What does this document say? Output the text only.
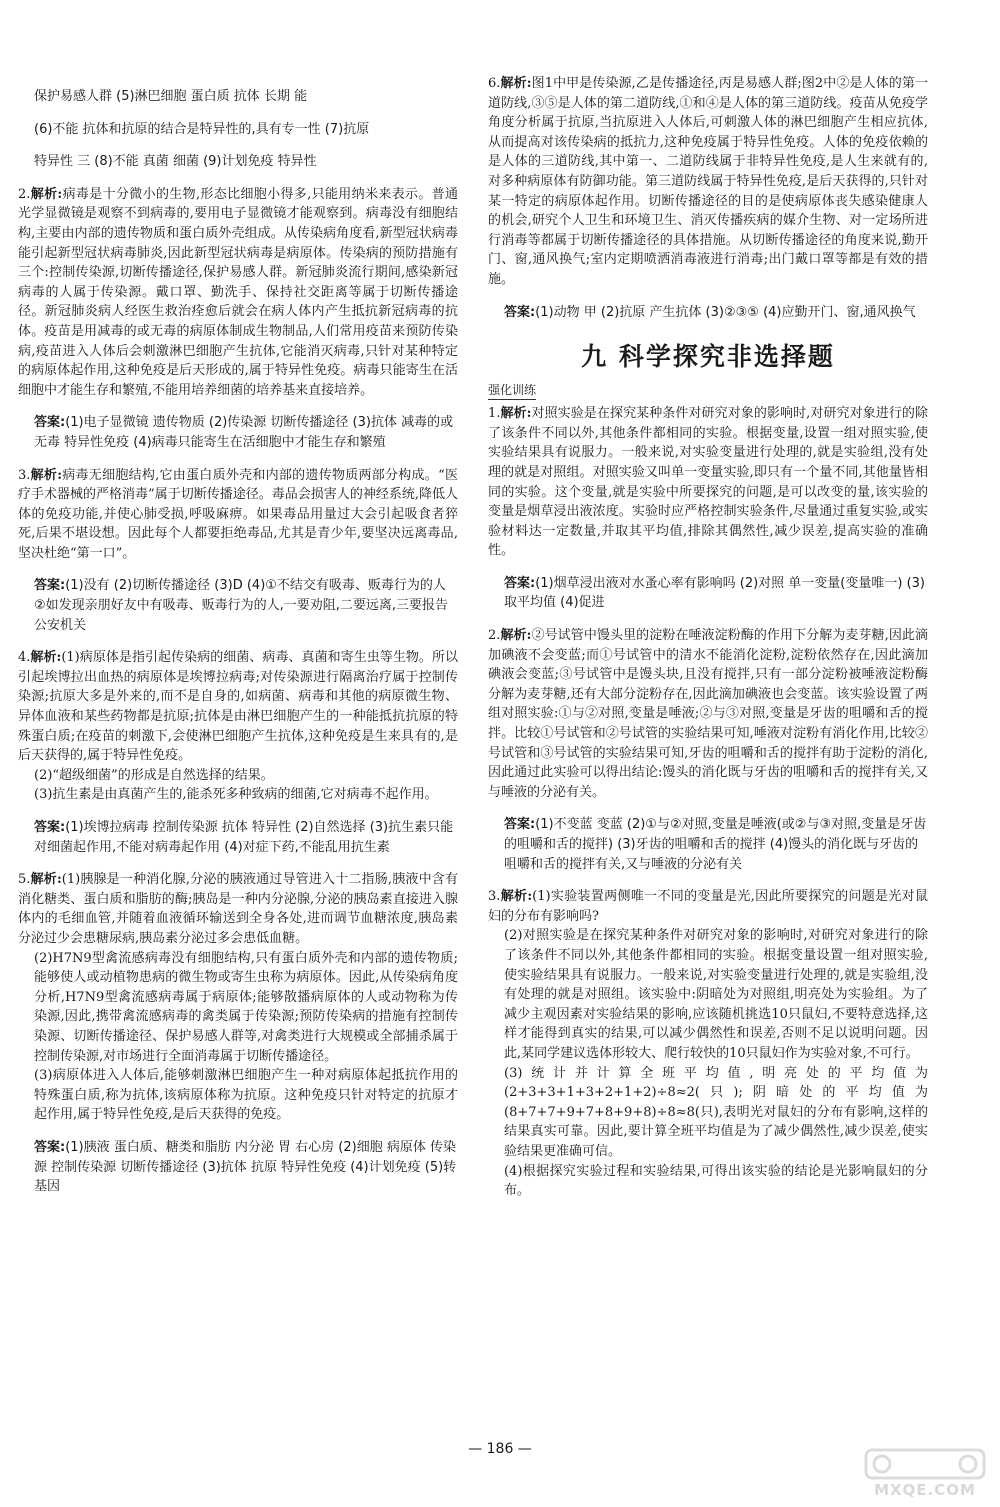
保护易感人群 (5)淋巴细胞 蛋白质 抗体 长期 能

(6)不能 抗体和抗原的结合是特异性的,具有专一性 (7)抗原

特异性 三 (8)不能 真菌 细菌 (9)计划免疫 特异性

2.解析:病毒是十分微小的生物,形态比细胞小得多,只能用纳米来表示。普通光学显微镜是观察不到病毒的,要用电子显微镜才能观察到。病毒没有细胞结构,主要由内部的遗传物质和蛋白质外壳组成。从传染病角度看,新型冠状病毒能引起新型冠状病毒肺炎,因此新型冠状病毒是病原体。传染病的预防措施有三个:控制传染源,切断传播途径,保护易感人群。新冠肺炎流行期间,感染新冠病毒的人属于传染源。戴口罩、勤洗手、保持社交距离等属于切断传播途径。新冠肺炎病人经医生救治痊愈后就会在病人体内产生抵抗新冠病毒的抗体。疫苗是用减毒的或无毒的病原体制成生物制品,人们常用疫苗来预防传染病,疫苗进入人体后会刺激淋巴细胞产生抗体,它能消灭病毒,只针对某种特定的病原体起作用,这种免疫是后天形成的,属于特异性免疫。病毒只能寄生在活细胞中才能生存和繁殖,不能用培养细菌的培养基来直接培养。

答案:(1)电子显微镜 遗传物质 (2)传染源 切断传播途径 (3)抗体 减毒的或无毒 特异性免疫 (4)病毒只能寄生在活细胞中才能生存和繁殖

3.解析:病毒无细胞结构,它由蛋白质外壳和内部的遗传物质两部分构成。“医疗手术器械的严格消毒”属于切断传播途径。毒品会损害人的神经系统,降低人体的免疫功能,并使心肺受损,呼吸麻痹。如果毒品用量过大会引起吸食者猝死,后果不堪设想。因此每个人都要拒绝毒品,尤其是青少年,要坚决远离毒品,坚决杜绝“第一口”。

答案:(1)没有 (2)切断传播途径 (3)D (4)①不结交有吸毒、贩毒行为的人 ②如发现亲朋好友中有吸毒、贩毒行为的人,一要劝阻,二要远离,三要报告公安机关

4.解析:(1)病原体是指引起传染病的细菌、病毒、真菌和寄生虫等生物。所以引起埃博拉出血热的病原体是埃博拉病毒;对传染源进行隔离治疗属于控制传染源;抗原大多是外来的,而不是自身的,如病菌、病毒和其他的病原微生物、异体血液和某些药物都是抗原;抗体是由淋巴细胞产生的一种能抵抗抗原的特殊蛋白质;在疫苗的刺激下,会使淋巴细胞产生抗体,这种免疫是生来具有的,是后天获得的,属于特异性免疫。

(2)“超级细菌”的形成是自然选择的结果。

(3)抗生素是由真菌产生的,能杀死多种致病的细菌,它对病毒不起作用。

答案:(1)埃博拉病毒 控制传染源 抗体 特异性 (2)自然选择 (3)抗生素只能对细菌起作用,不能对病毒起作用 (4)对症下药,不能乱用抗生素

5.解析:(1)胰腺是一种消化腺,分泌的胰液通过导管进入十二指肠,胰液中含有消化糖类、蛋白质和脂肪的酶;胰岛是一种内分泌腺,分泌的胰岛素直接进入腺体内的毛细血管,并随着血液循环输送到全身各处,进而调节血糖浓度,胰岛素分泌过少会患糖尿病,胰岛素分泌过多会患低血糖。

(2)H7N9型禽流感病毒没有细胞结构,只有蛋白质外壳和内部的遗传物质;能够使人或动植物患病的微生物或寄生虫称为病原体。因此,从传染病角度分析,H7N9型禽流感病毒属于病原体;能够散播病原体的人或动物称为传染源,因此,携带禽流感病毒的禽类属于传染源;预防传染病的措施有控制传染源、切断传播途径、保护易感人群等,对禽类进行大规模或全部捕杀属于控制传染源,对市场进行全面消毒属于切断传播途径。

(3)病原体进入人体后,能够刺激淋巴细胞产生一种对病原体起抵抗作用的特殊蛋白质,称为抗体,该病原体称为抗原。这种免疫只针对特定的抗原才起作用,属于特异性免疫,是后天获得的免疫。

答案:(1)胰液 蛋白质、糖类和脂肪 内分泌 胃 右心房 (2)细胞 病原体 传染源 控制传染源 切断传播途径 (3)抗体 抗原 特异性免疫 (4)计划免疫 (5)转基因

6.解析:图1中甲是传染源,乙是传播途径,丙是易感人群;图2中②是人体的第一道防线,③⑤是人体的第二道防线,①和④是人体的第三道防线。疫苗从免疫学角度分析属于抗原,当抗原进入人体后,可刺激人体的淋巴细胞产生相应抗体,从而提高对该传染病的抵抗力,这种免疫属于特异性免疫。人体的免疫依赖的是人体的三道防线,其中第一、二道防线属于非特异性免疫,是人生来就有的,对多种病原体有防御功能。第三道防线属于特异性免疫,是后天获得的,只针对某一特定的病原体起作用。切断传播途径的目的是使病原体丧失感染健康人的机会,研究个人卫生和环境卫生、消灭传播疾病的媒介生物、对一定场所进行消毒等都属于切断传播途径的具体措施。从切断传播途径的角度来说,勤开门、窗,通风换气;室内定期喷洒消毒液进行消毒;出门戴口罩等都是有效的措施。

答案:(1)动物 甲 (2)抗原 产生抗体 (3)②③⑤ (4)应勤开门、窗,通风换气

九 科学探究非选择题
强化训练

1.解析:对照实验是在探究某种条件对研究对象的影响时,对研究对象进行的除了该条件不同以外,其他条件都相同的实验。根据变量,设置一组对照实验,使实验结果具有说服力。一般来说,对实验变量进行处理的,就是实验组,没有处理的就是对照组。对照实验又叫单一变量实验,即只有一个量不同,其他量皆相同的实验。这个变量,就是实验中所要探究的问题,是可以改变的量,该实验的变量是烟草浸出液浓度。实验时应严格控制实验条件,尽量通过重复实验,或实验材料达一定数量,并取其平均值,排除其偶然性,减少误差,提高实验的准确性。

答案:(1)烟草浸出液对水蚤心率有影响吗 (2)对照 单一变量(变量唯一) (3)取平均值 (4)促进

2.解析:②号试管中馒头里的淀粉在唾液淀粉酶的作用下分解为麦芽糖,因此滴加碘液不会变蓝;而①号试管中的清水不能消化淀粉,淀粉依然存在,因此滴加碘液会变蓝;③号试管中是馒头块,且没有搅拌,只有一部分淀粉被唾液淀粉酶分解为麦芽糖,还有大部分淀粉存在,因此滴加碘液也会变蓝。该实验设置了两组对照实验:①与②对照,变量是唾液;②与③对照,变量是牙齿的咀嚼和舌的搅拌。比较①号试管和②号试管的实验结果可知,唾液对淀粉有消化作用,比较②号试管和③号试管的实验结果可知,牙齿的咀嚼和舌的搅拌有助于淀粉的消化,因此通过此实验可以得出结论:馒头的消化既与牙齿的咀嚼和舌的搅拌有关,又与唾液的分泌有关。

答案:(1)不变蓝 变蓝 (2)①与②对照,变量是唾液(或②与③对照,变量是牙齿的咀嚼和舌的搅拌) (3)牙齿的咀嚼和舌的搅拌 (4)馒头的消化既与牙齿的咀嚼和舌的搅拌有关,又与唾液的分泌有关

3.解析:(1)实验装置两侧唯一不同的变量是光,因此所要探究的问题是光对鼠妇的分布有影响吗?

(2)对照实验是在探究某种条件对研究对象的影响时,对研究对象进行的除了该条件不同以外,其他条件都相同的实验。根据变量设置一组对照实验,使实验结果具有说服力。一般来说,对实验变量进行处理的,就是实验组,没有处理的就是对照组。该实验中:阴暗处为对照组,明亮处为实验组。为了减少主观因素对实验结果的影响,应该随机挑选10只鼠妇,不要特意选择,这样才能得到真实的结果,可以减少偶然性和误差,否则不足以说明问题。因此,某同学建议选体形较大、爬行较快的10只鼠妇作为实验对象,不可行。

(3)统计并计算全班平均值,明亮处的平均值为(2+3+3+1+3+2+1+2)÷8≈2(只);阴暗处的平均值为(8+7+7+9+7+8+9+8)÷8≈8(只),表明光对鼠妇的分布有影响,这样的结果真实可靠。因此,要计算全班平均值是为了减少偶然性,减少误差,使实验结果更准确可信。

(4)根据探究实验过程和实验结果,可得出该实验的结论是光影响鼠妇的分布。

— 186 —
MXQE.COM
